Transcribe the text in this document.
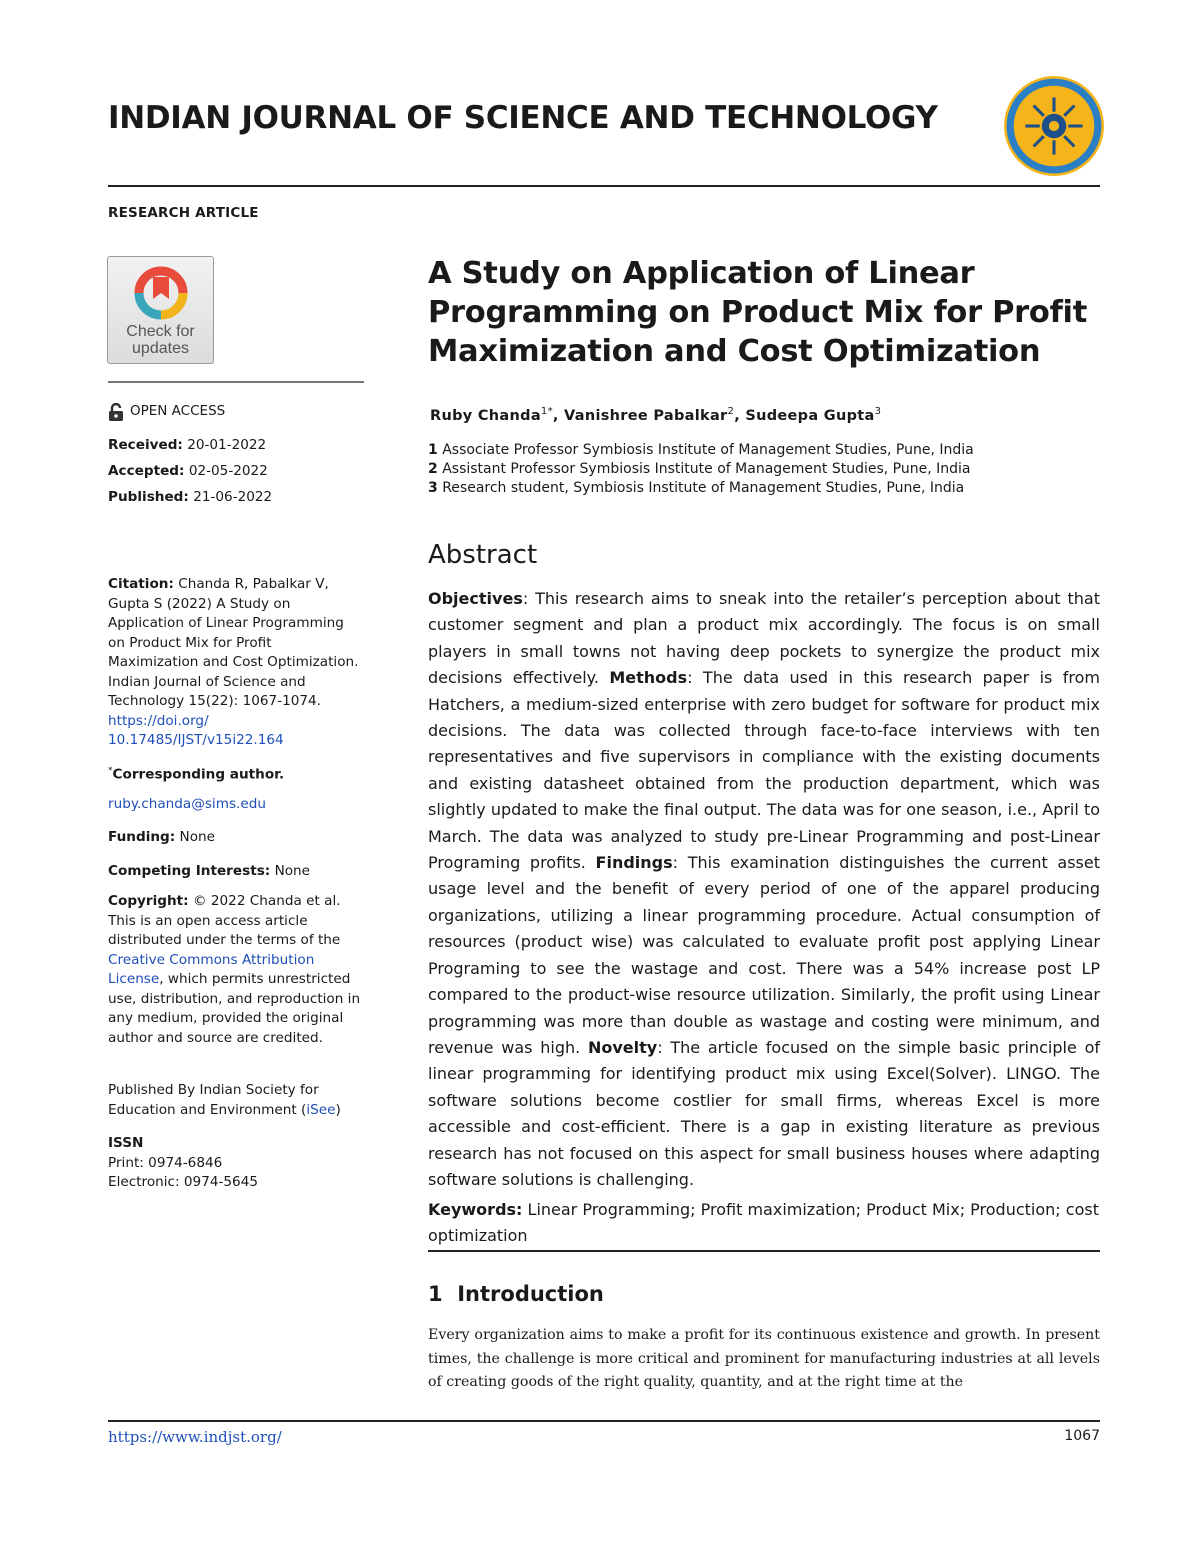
INDIAN JOURNAL OF SCIENCE AND TECHNOLOGY
RESEARCH ARTICLE
Check for
updates
OPEN ACCESS
Received: 20-01-2022
Accepted: 02-05-2022
Published: 21-06-2022
Citation: Chanda R, Pabalkar V, Gupta S (2022) A Study on Application of Linear Programming on Product Mix for Profit Maximization and Cost Optimization. Indian Journal of Science and Technology 15(22): 1067-1074. https://doi.org/ 10.17485/IJST/v15i22.164
*Corresponding author.
ruby.chanda@sims.edu
Funding: None
Competing Interests: None
Copyright: © 2022 Chanda et al. This is an open access article distributed under the terms of the Creative Commons Attribution License, which permits unrestricted use, distribution, and reproduction in any medium, provided the original author and source are credited.
Published By Indian Society for Education and Environment (iSee)
ISSN
Print: 0974-6846
Electronic: 0974-5645
A Study on Application of Linear
Programming on Product Mix for Profit
Maximization and Cost Optimization
Ruby Chanda$^{1*}$, Vanishree Pabalkar$^2$, Sudeepa Gupta$^3$
1 Associate Professor Symbiosis Institute of Management Studies, Pune, India
2 Assistant Professor Symbiosis Institute of Management Studies, Pune, India
3 Research student, Symbiosis Institute of Management Studies, Pune, India
Abstract
Objectives: This research aims to sneak into the retailer’s perception about that customer segment and plan a product mix accordingly. The focus is on small players in small towns not having deep pockets to synergize the product mix decisions effectively. Methods: The data used in this research paper is from Hatchers, a medium-sized enterprise with zero budget for software for product mix decisions. The data was collected through face-to-face interviews with ten representatives and five supervisors in compliance with the existing documents and existing datasheet obtained from the production department, which was slightly updated to make the final output. The data was for one season, i.e., April to March. The data was analyzed to study pre-Linear Programming and post-Linear Programing profits. Findings: This examination distinguishes the current asset usage level and the benefit of every period of one of the apparel producing organizations, utilizing a linear programming procedure. Actual consumption of resources (product wise) was calculated to evaluate profit post applying Linear Programing to see the wastage and cost. There was a 54% increase post LP compared to the product-wise resource utilization. Similarly, the profit using Linear programming was more than double as wastage and costing were minimum, and revenue was high. Novelty: The article focused on the simple basic principle of linear programming for identifying product mix using Excel(Solver). LINGO. The software solutions become costlier for small firms, whereas Excel is more accessible and cost-efficient. There is a gap in existing literature as previous research has not focused on this aspect for small business houses where adapting software solutions is challenging.
Keywords: Linear Programming; Profit maximization; Product Mix; Production; cost optimization
1  Introduction
Every organization aims to make a profit for its continuous existence and growth. In present times, the challenge is more critical and prominent for manufacturing industries at all levels of creating goods of the right quality, quantity, and at the right time at the
https://www.indjst.org/	1067
